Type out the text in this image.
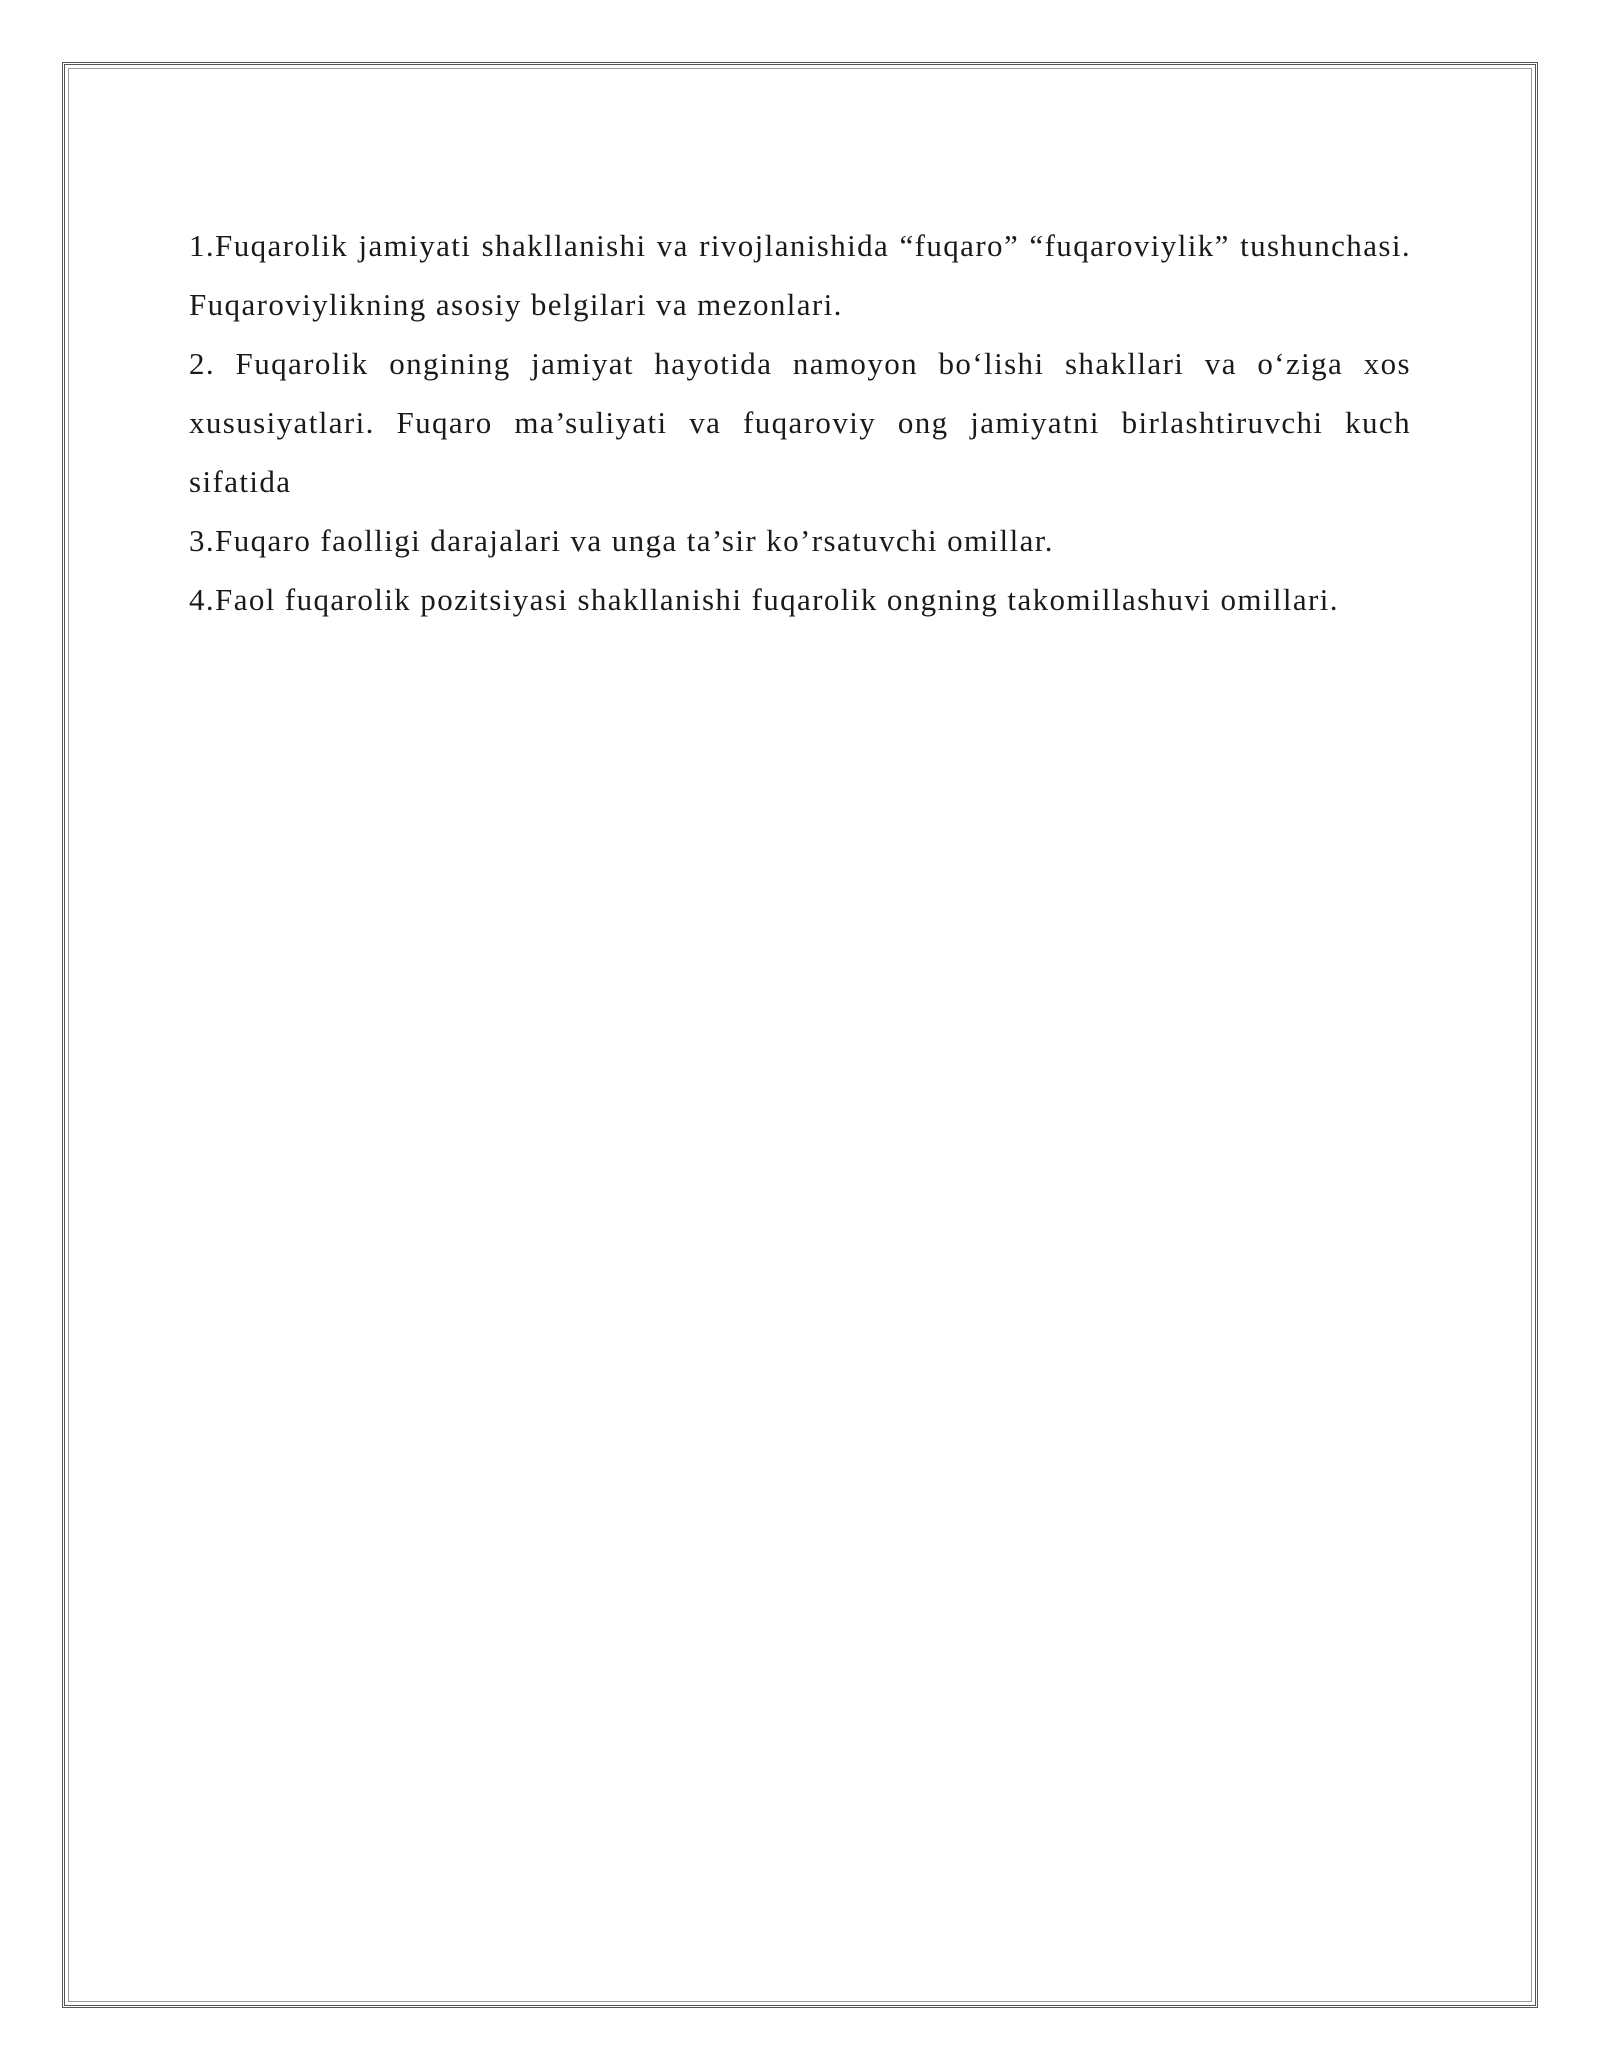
1.Fuqarolik jamiyati shakllanishi va rivojlanishida “fuqaro” “fuqaroviylik” tushunchasi. Fuqaroviylikning asosiy belgilari va mezonlari.

2. Fuqarolik ongining jamiyat hayotida namoyon bo‘lishi shakllari va o‘ziga xos xususiyatlari. Fuqaro ma’suliyati va fuqaroviy ong jamiyatni birlashtiruvchi kuch sifatida

3.Fuqaro faolligi darajalari va unga ta’sir ko’rsatuvchi omillar.

4.Faol fuqarolik pozitsiyasi shakllanishi fuqarolik ongning takomillashuvi omillari.
